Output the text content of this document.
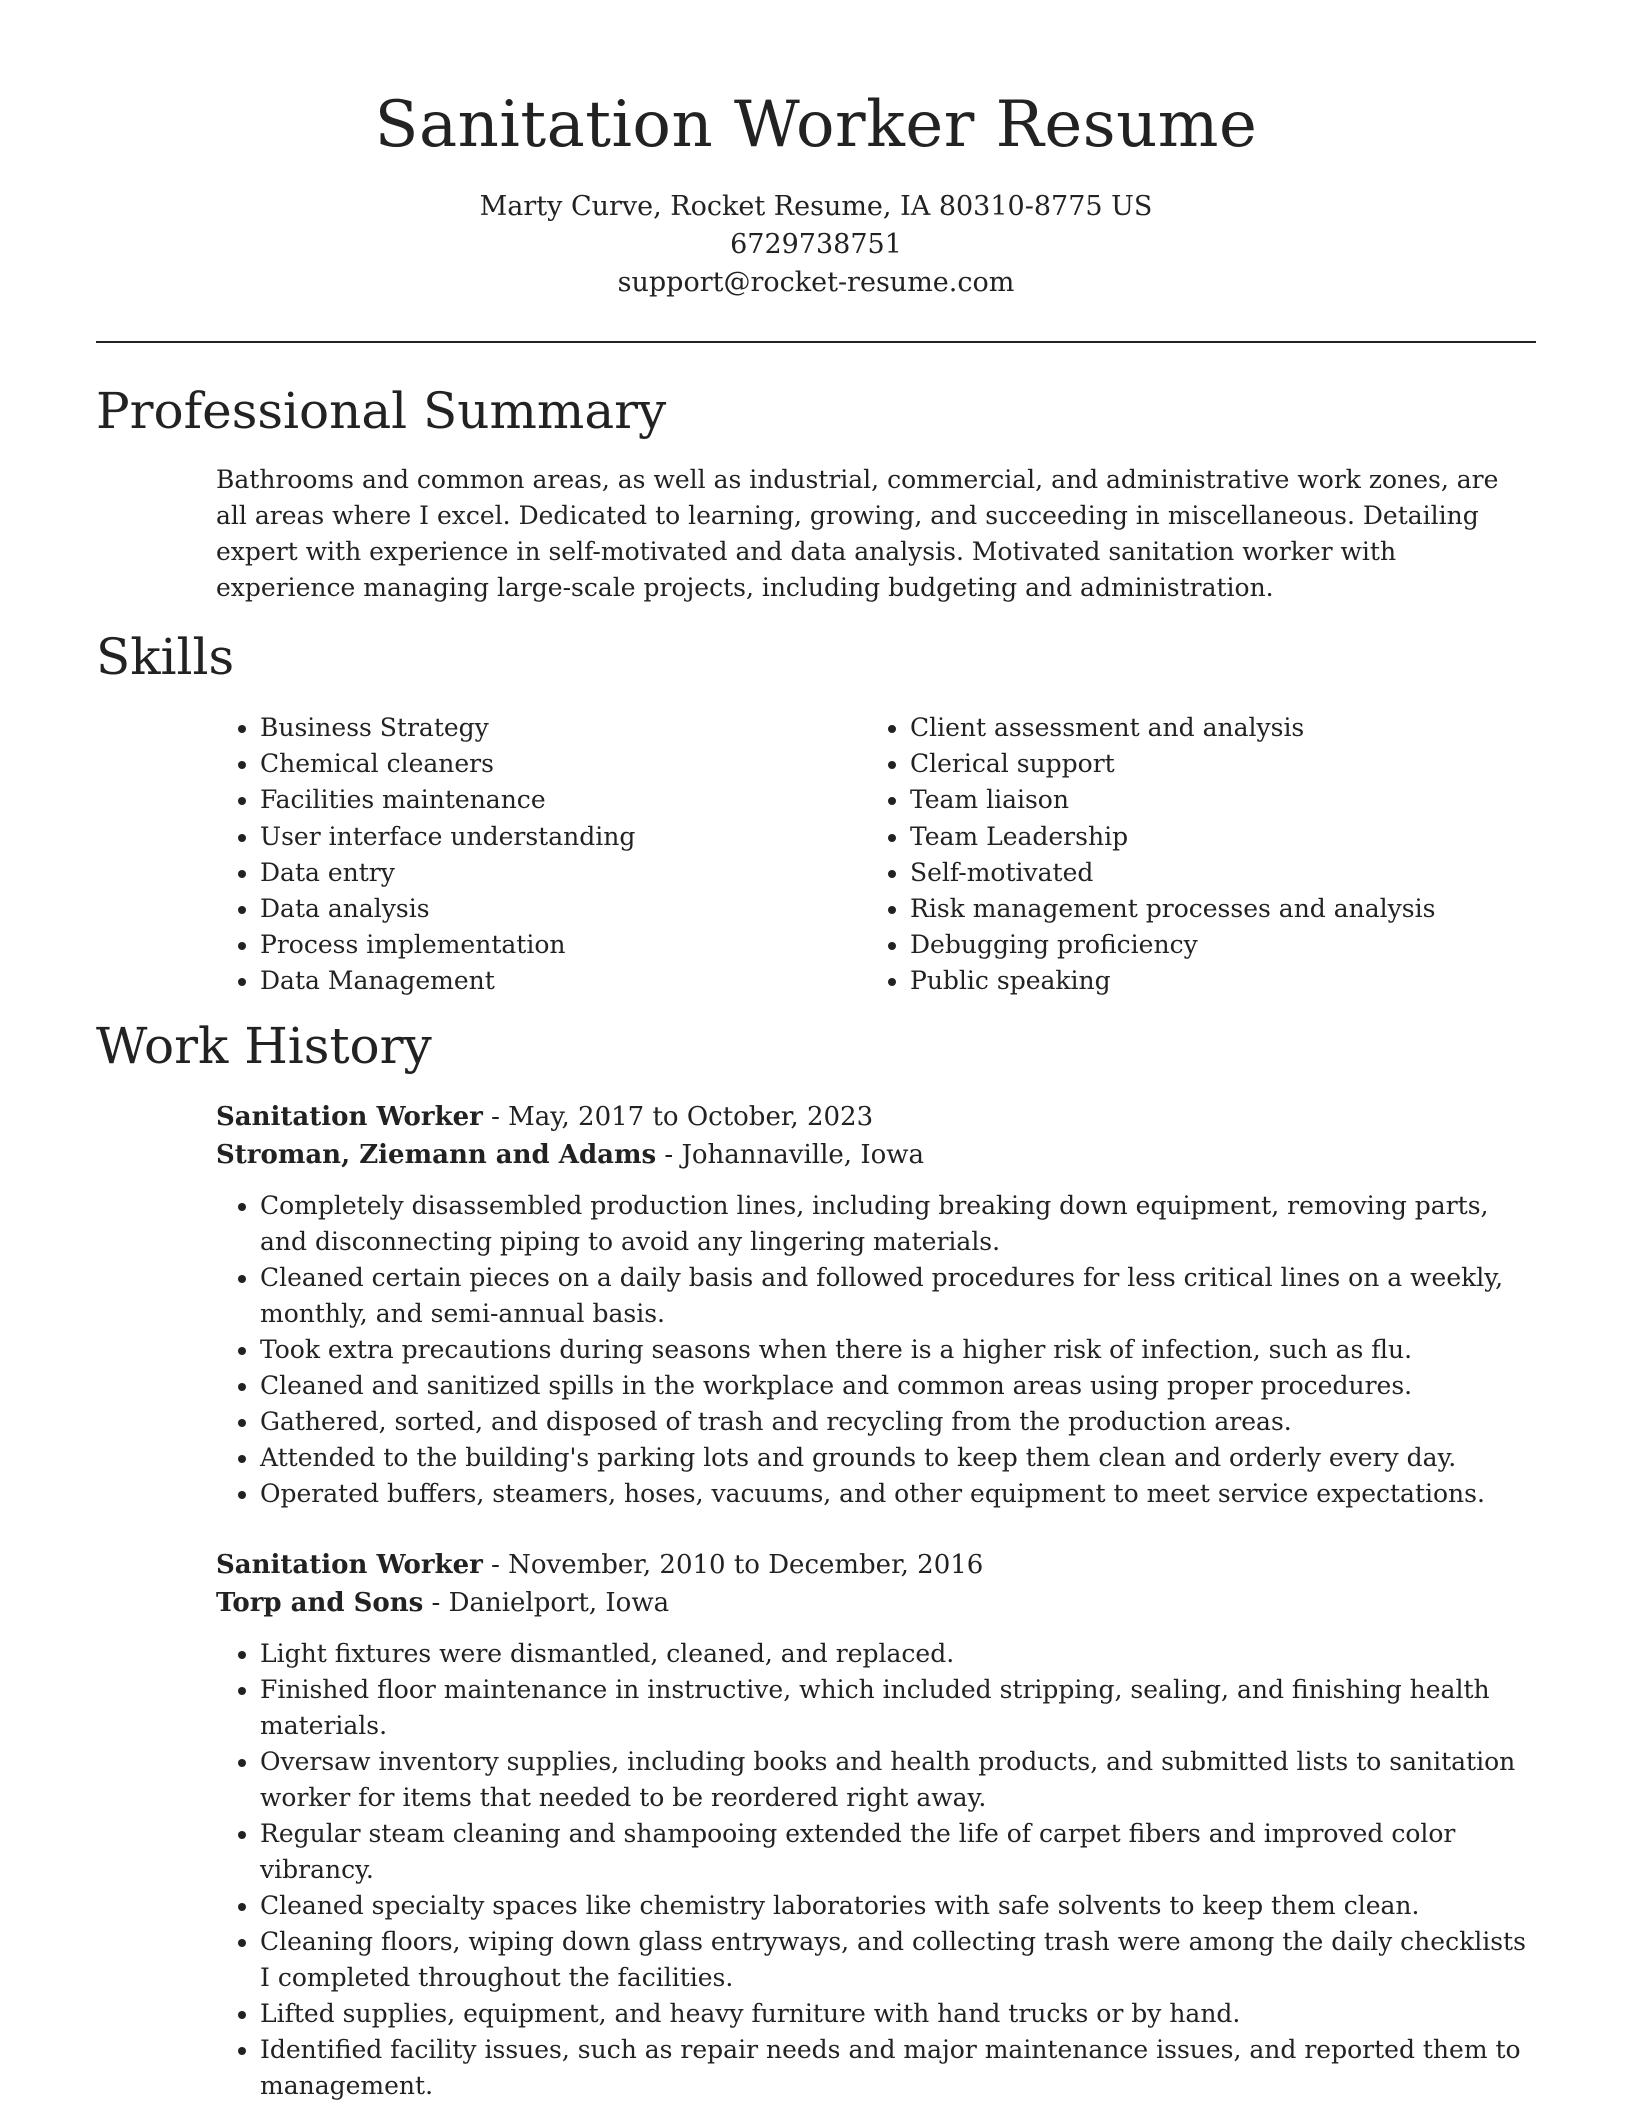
Sanitation Worker Resume

Marty Curve, Rocket Resume, IA 80310-8775 US

6729738751

support@rocket-resume.com

Professional Summary

Bathrooms and common areas, as well as industrial, commercial, and administrative work zones, are all areas where I excel. Dedicated to learning, growing, and succeeding in miscellaneous. Detailing expert with experience in self-motivated and data analysis. Motivated sanitation worker with experience managing large-scale projects, including budgeting and administration.

Skills
• Business Strategy
• Chemical cleaners
• Facilities maintenance
• User interface understanding
• Data entry
• Data analysis
• Process implementation
• Data Management
• Client assessment and analysis
• Clerical support
• Team liaison
• Team Leadership
• Self-motivated
• Risk management processes and analysis
• Debugging proficiency
• Public speaking
Work History

Sanitation Worker - May, 2017 to October, 2023

Stroman, Ziemann and Adams - Johannaville, Iowa

• Completely disassembled production lines, including breaking down equipment, removing parts, and disconnecting piping to avoid any lingering materials.
• Cleaned certain pieces on a daily basis and followed procedures for less critical lines on a weekly, monthly, and semi-annual basis.
• Took extra precautions during seasons when there is a higher risk of infection, such as flu.
• Cleaned and sanitized spills in the workplace and common areas using proper procedures.
• Gathered, sorted, and disposed of trash and recycling from the production areas.
• Attended to the building's parking lots and grounds to keep them clean and orderly every day.
• Operated buffers, steamers, hoses, vacuums, and other equipment to meet service expectations.

Sanitation Worker - November, 2010 to December, 2016

Torp and Sons - Danielport, Iowa

• Light fixtures were dismantled, cleaned, and replaced.
• Finished floor maintenance in instructive, which included stripping, sealing, and finishing health materials.
• Oversaw inventory supplies, including books and health products, and submitted lists to sanitation worker for items that needed to be reordered right away.
• Regular steam cleaning and shampooing extended the life of carpet fibers and improved color vibrancy.
• Cleaned specialty spaces like chemistry laboratories with safe solvents to keep them clean.
• Cleaning floors, wiping down glass entryways, and collecting trash were among the daily checklists I completed throughout the facilities.
• Lifted supplies, equipment, and heavy furniture with hand trucks or by hand.
• Identified facility issues, such as repair needs and major maintenance issues, and reported them to management.
